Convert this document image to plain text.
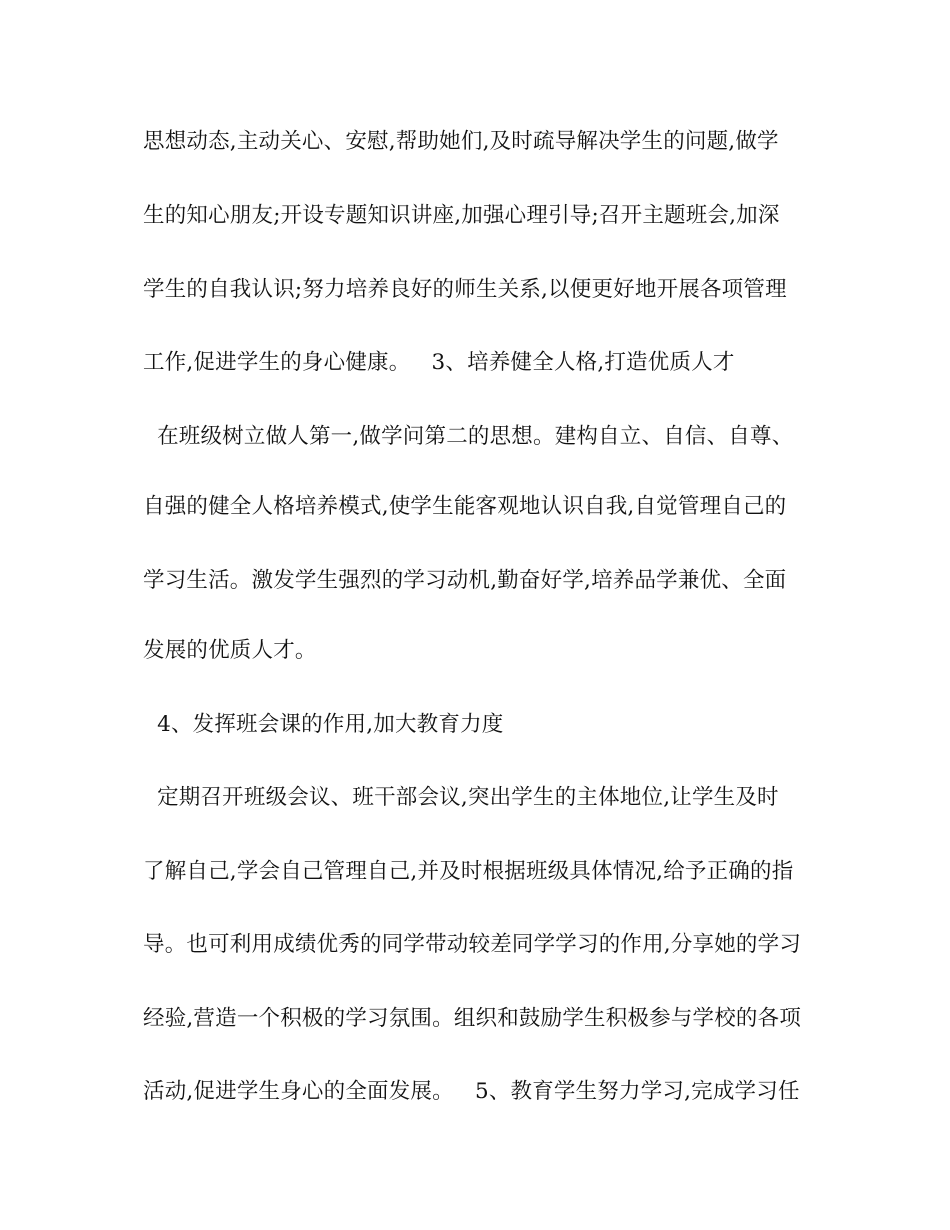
思想动态,主动关心、安慰,帮助她们,及时疏导解决学生的问题,做学
生的知心朋友;开设专题知识讲座,加强心理引导;召开主题班会,加深
学生的自我认识;努力培养良好的师生关系,以便更好地开展各项管理
工作,促进学生的身心健康。   3、培养健全人格,打造优质人才
在班级树立做人第一,做学问第二的思想。建构自立、自信、自尊、
自强的健全人格培养模式,使学生能客观地认识自我,自觉管理自己的
学习生活。激发学生强烈的学习动机,勤奋好学,培养品学兼优、全面
发展的优质人才。
4、发挥班会课的作用,加大教育力度
定期召开班级会议、班干部会议,突出学生的主体地位,让学生及时
了解自己,学会自己管理自己,并及时根据班级具体情况,给予正确的指
导。也可利用成绩优秀的同学带动较差同学学习的作用,分享她的学习
经验,营造一个积极的学习氛围。组织和鼓励学生积极参与学校的各项
活动,促进学生身心的全面发展。   5、教育学生努力学习,完成学习任
